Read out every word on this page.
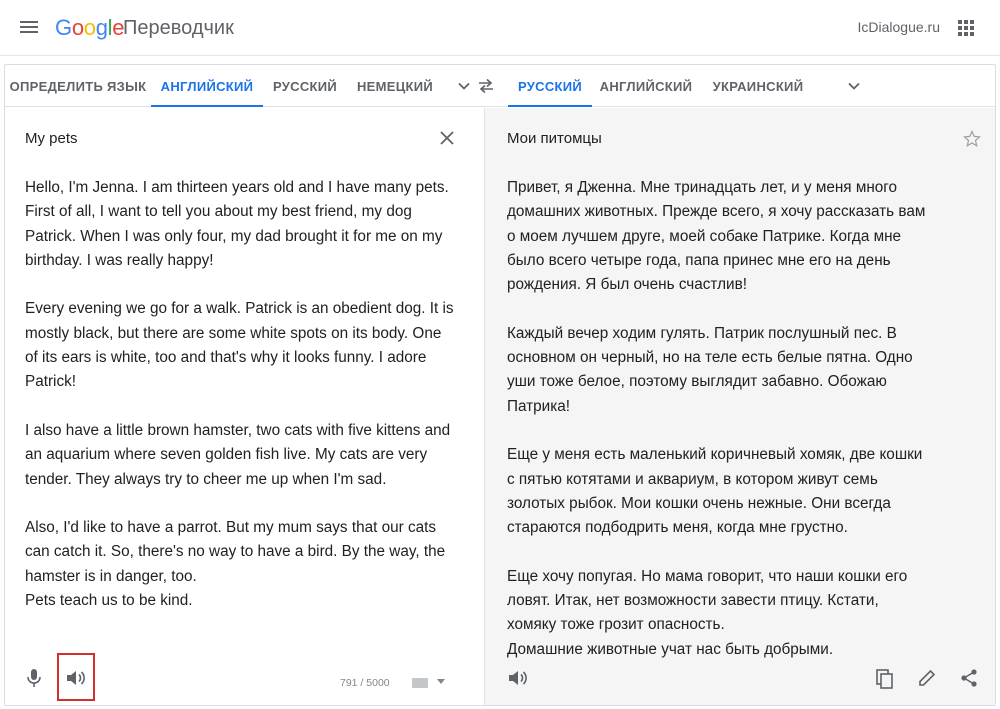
Google
Переводчик	IcDialogue.ru
ОПРЕДЕЛИТЬ ЯЗЫК	АНГЛИЙСКИЙ	РУССКИЙ	НЕМЕЦКИЙ	РУССКИЙ	АНГЛИЙСКИЙ	УКРАИНСКИЙ
My pets
Hello, I'm Jenna. I am thirteen years old and I have many pets.
First of all, I want to tell you about my best friend, my dog
Patrick. When I was only four, my dad brought it for me on my
birthday. I was really happy!

Every evening we go for a walk. Patrick is an obedient dog. It is
mostly black, but there are some white spots on its body. One
of its ears is white, too and that's why it looks funny. I adore
Patrick!

I also have a little brown hamster, two cats with five kittens and
an aquarium where seven golden fish live. My cats are very
tender. They always try to cheer me up when I'm sad.

Also, I'd like to have a parrot. But my mum says that our cats
can catch it. So, there's no way to have a bird. By the way, the
hamster is in danger, too.
Pets teach us to be kind.
791 / 5000
Мои питомцы
Привет, я Дженна. Мне тринадцать лет, и у меня много
домашних животных. Прежде всего, я хочу рассказать вам
о моем лучшем друге, моей собаке Патрике. Когда мне
было всего четыре года, папа принес мне его на день
рождения. Я был очень счастлив!

Каждый вечер ходим гулять. Патрик послушный пес. В
основном он черный, но на теле есть белые пятна. Одно
уши тоже белое, поэтому выглядит забавно. Обожаю
Патрика!

Еще у меня есть маленький коричневый хомяк, две кошки
с пятью котятами и аквариум, в котором живут семь
золотых рыбок. Мои кошки очень нежные. Они всегда
стараются подбодрить меня, когда мне грустно.

Еще хочу попугая. Но мама говорит, что наши кошки его
ловят. Итак, нет возможности завести птицу. Кстати,
хомяку тоже грозит опасность.
Домашние животные учат нас быть добрыми.
